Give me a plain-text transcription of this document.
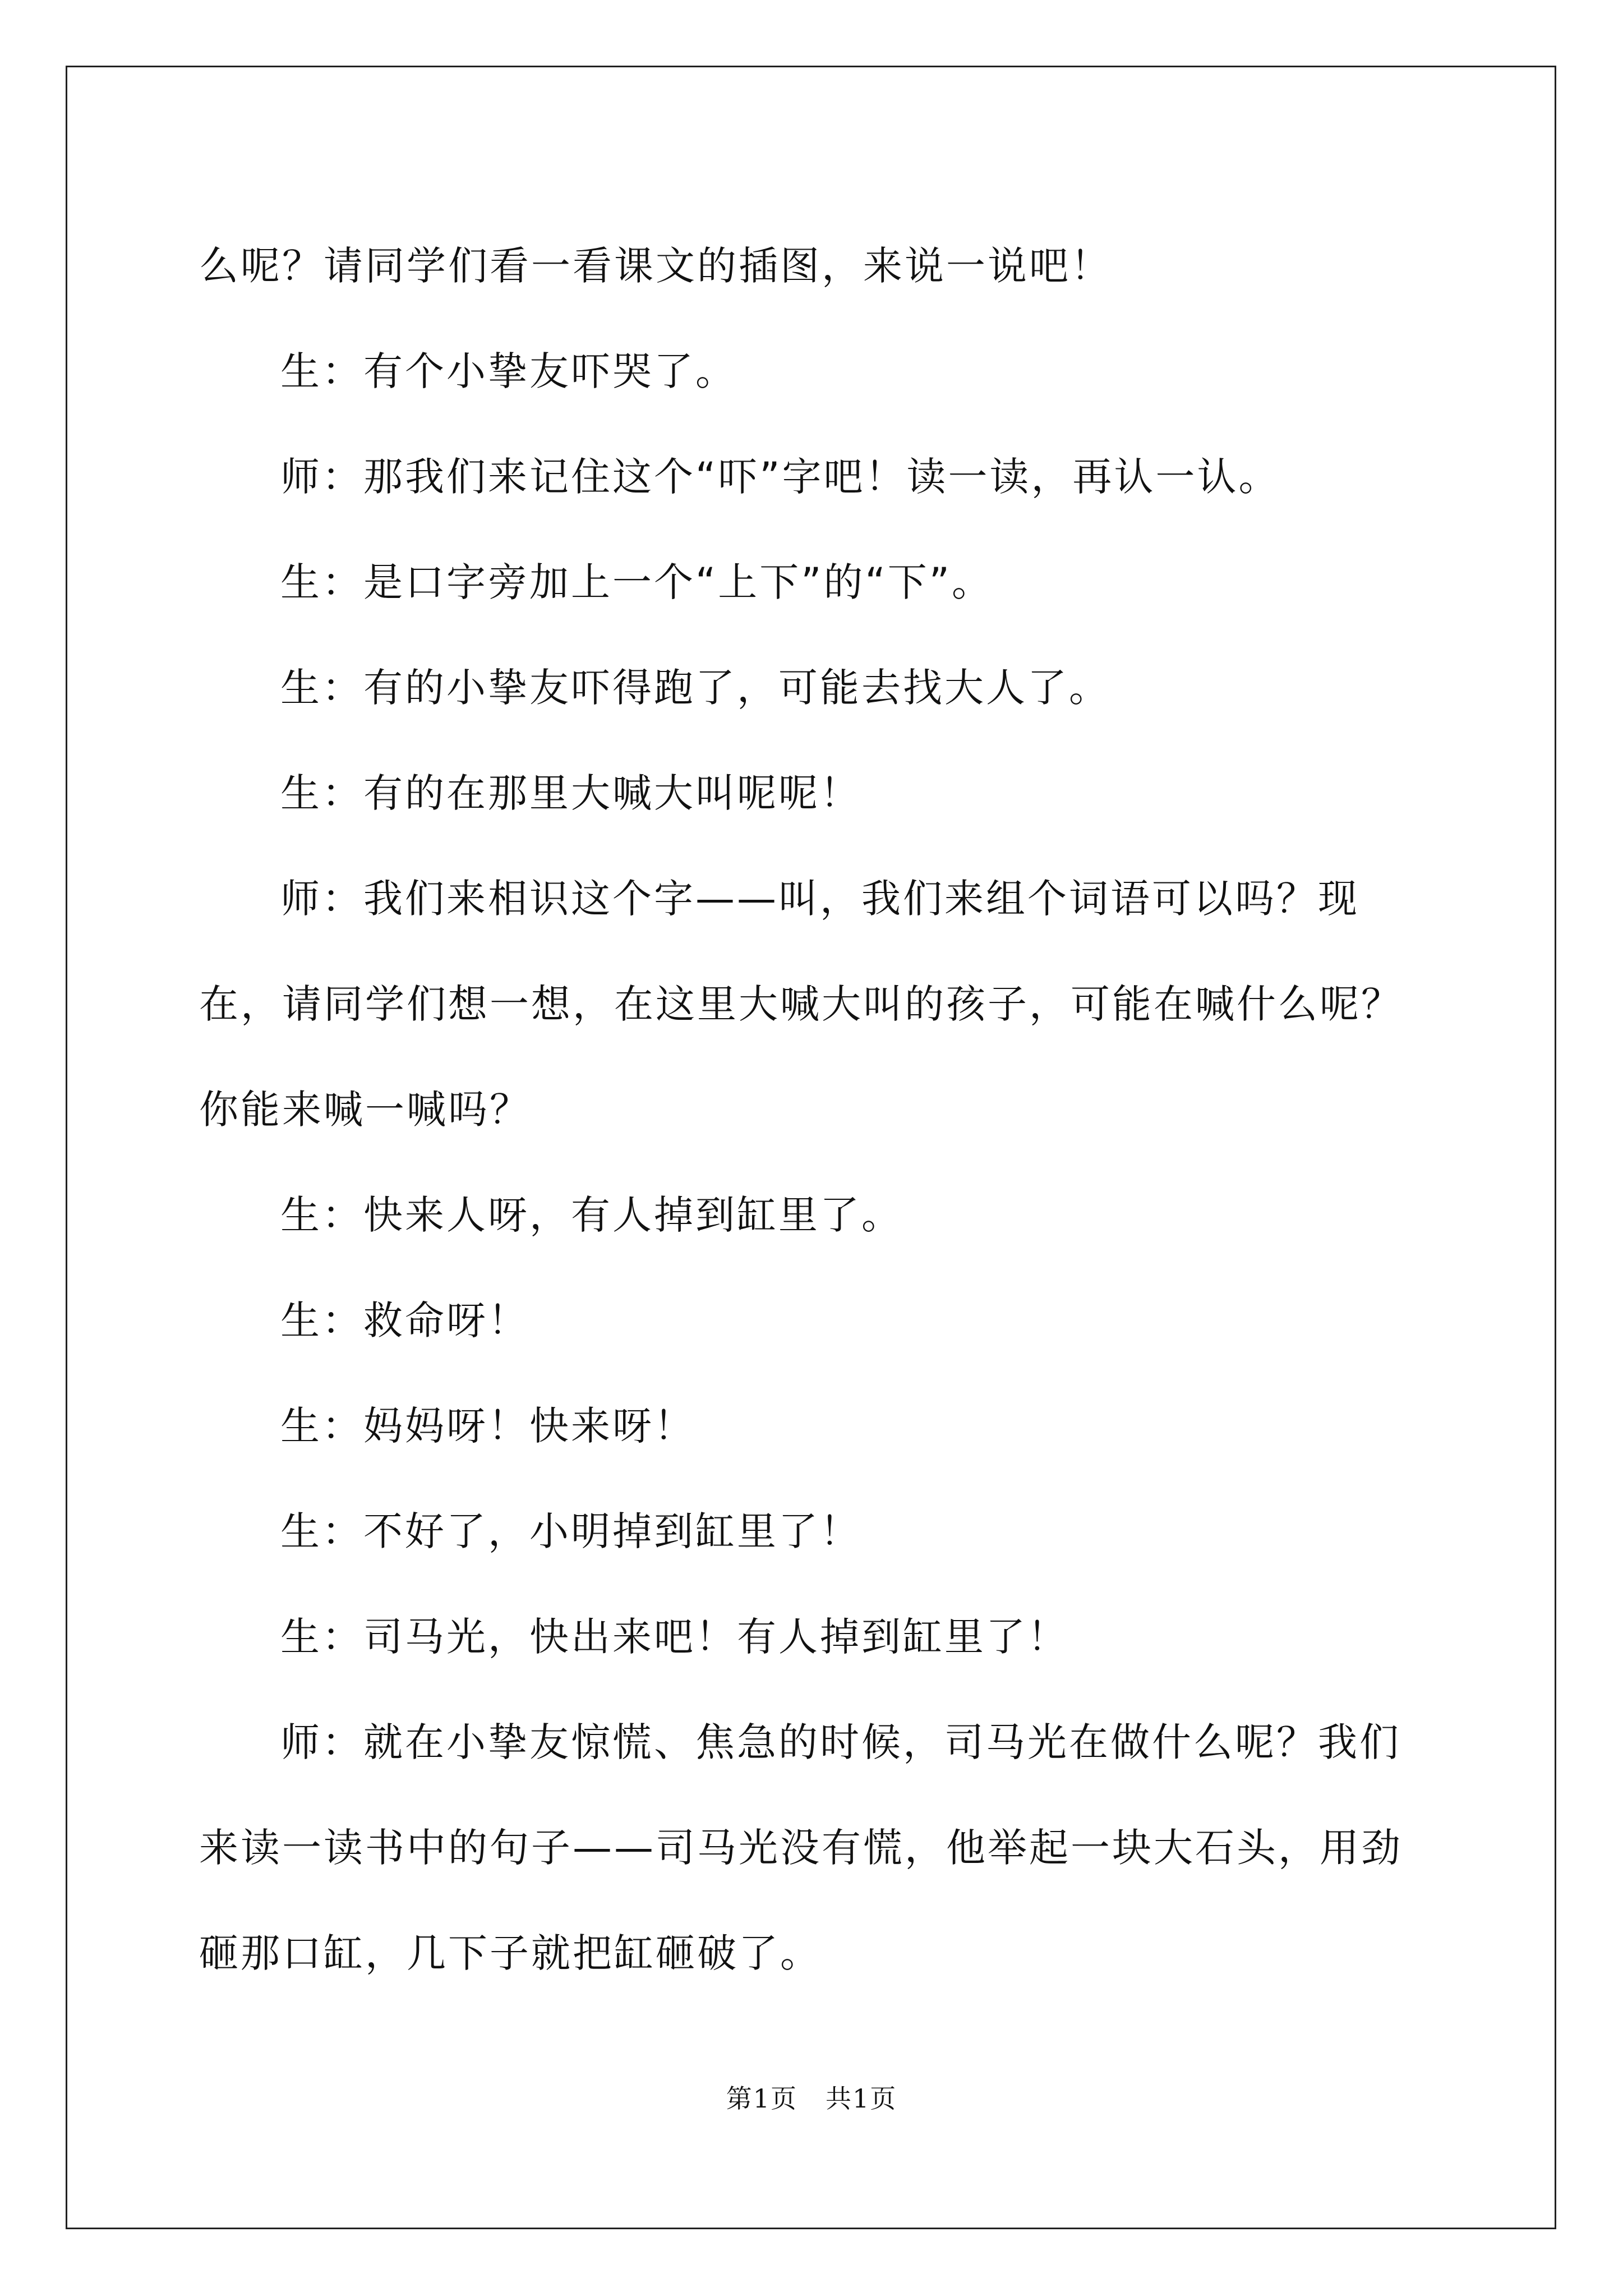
么呢？请同学们看一看课文的插图，来说一说吧！

生：有个小挚友吓哭了。

师：那我们来记住这个“吓”字吧！读一读，再认一认。

生：是口字旁加上一个“上下”的“下”。

生：有的小挚友吓得跑了，可能去找大人了。

生：有的在那里大喊大叫呢呢！

师：我们来相识这个字——叫，我们来组个词语可以吗？现在，请同学们想一想，在这里大喊大叫的孩子，可能在喊什么呢？你能来喊一喊吗？

生：快来人呀，有人掉到缸里了。

生：救命呀！

生：妈妈呀！快来呀！

生：不好了，小明掉到缸里了！

生：司马光，快出来吧！有人掉到缸里了！

师：就在小挚友惊慌、焦急的时候，司马光在做什么呢？我们来读一读书中的句子——司马光没有慌，他举起一块大石头，用劲砸那口缸，几下子就把缸砸破了。

第1页 共1页
